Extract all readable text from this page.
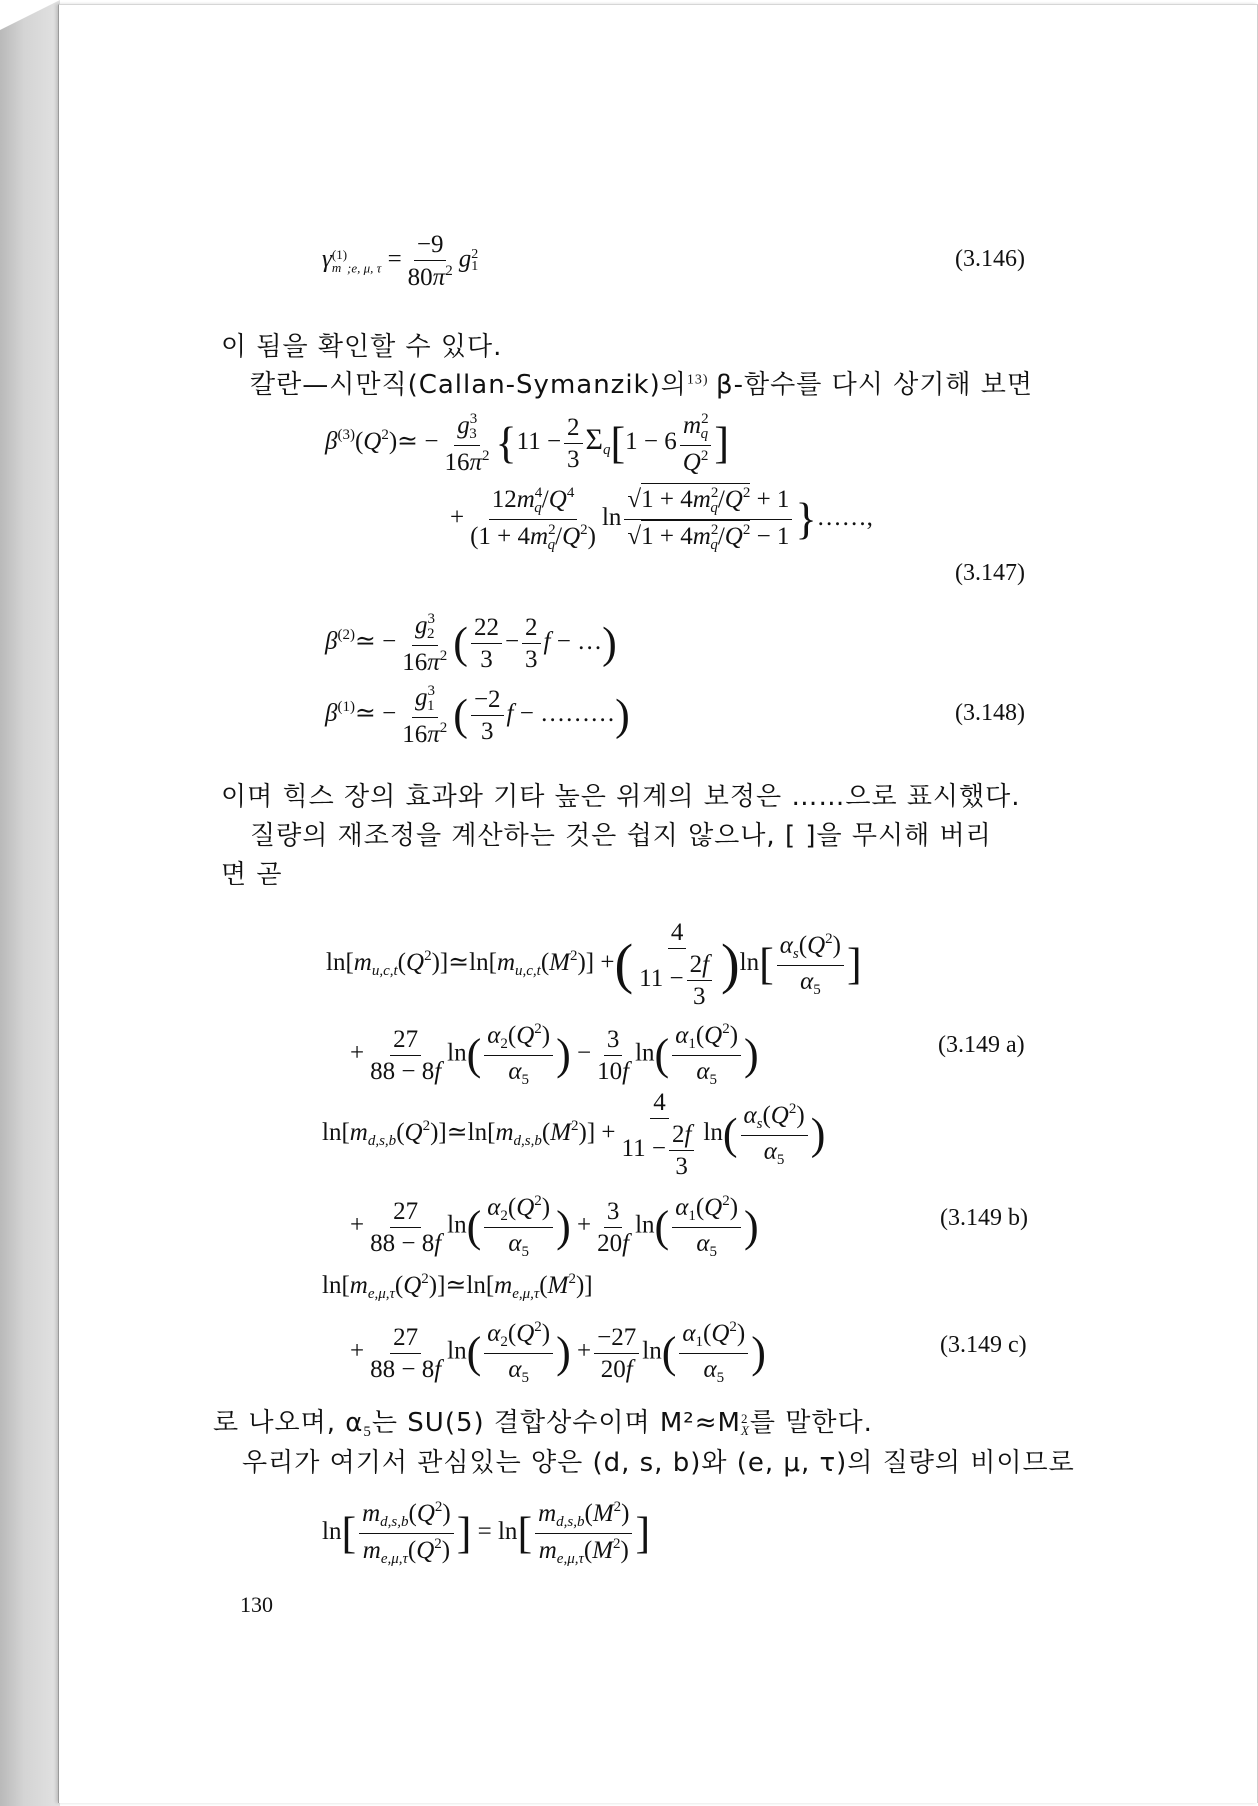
γ (1)
m $_{;e, \mu, \tau} = \frac{-9}{80\pi^2}$ g 2
1	(3.146)
이 됨을 확인할 수 있다.
칼란—시만직(Callan-Symanzik)의$^{13)}$ β-함수를 다시 상기해 보면
$\beta^{(3)}(Q^2)≃ - \frac{g^3_3}{16\pi^2} \{11 - \frac{2}{3} \Sigma_q[1 - 6 \frac{m^2_q}{Q^2}$ ]
+ $\frac{12m^4_q/Q^4}{(1 + 4m^2_q/Q^2)}$ $\ln \frac{√1 + 4m^2_q/Q^2 + 1}{√1 + 4m^2_q/Q^2 - 1}$ }……,
(3.147)
$\beta^{(2)}≃ - \frac{g^3_2}{16\pi^2}$ ( $\frac{22}{3} - \frac{2}{3}$ f − …)
$\beta^{(1)}≃ - \frac{g^3_1}{16\pi^2}$ ( $\frac{-2}{3}$ f − ………)	(3.148)
이며 힉스 장의 효과와 기타 높은 위계의 보정은 ……으로 표시했다.
질량의 재조정을 계산하는 것은 쉽지 않으나, [ ]을 무시해 버리
면 곧
$\ln[m_{u,c,t}(Q^2)]≃\ln[m_{u,c,t}(M^2)]$ +( $\frac{4}{11 - \frac{2f}{3}} )\ln[ \frac{\alpha_s(Q^2)}{\alpha_5}$ ]
+ $\frac{27}{88 - 8f} \ln( \frac{\alpha_2(Q^2)}{\alpha_5}$ ) − $\frac{3}{10f} \ln( \frac{\alpha_1(Q^2)}{\alpha_5}$ )	(3.149 a)
$\ln[m_{d,s,b}(Q^2)]≃\ln[m_{d,s,b}(M^2)] + \frac{4}{11 - \frac{2f}{3}} \ln( \frac{\alpha_s(Q^2)}{\alpha_5}$ )
+ $\frac{27}{88 - 8f} \ln( \frac{\alpha_2(Q^2)}{\alpha_5}$ ) + $\frac{3}{20f} \ln( \frac{\alpha_1(Q^2)}{\alpha_5}$ )	(3.149 b)
$\ln[m_{e,\mu,\tau}(Q^2)]≃\ln[m_{e,\mu,\tau}(M^2)]$
+ $\frac{27}{88 - 8f} \ln( \frac{\alpha_2(Q^2)}{\alpha_5}$ ) + $\frac{-27}{20f} \ln( \frac{\alpha_1(Q^2)}{\alpha_5}$ )	(3.149 c)
로 나오며, $\alpha_5$는 SU(5) 결합상수이며 M²≈M 2
X 를 말한다.
우리가 여기서 관심있는 양은 (d, s, b)와 (e, μ, τ)의 질량의 비이므로
$\ln[ \frac{m_{d,s,b}(Q^2)}{m_{e,\mu,\tau}(Q^2)}$ ] = $\ln[ \frac{m_{d,s,b}(M^2)}{m_{e,\mu,\tau}(M^2)}$ ]
130
